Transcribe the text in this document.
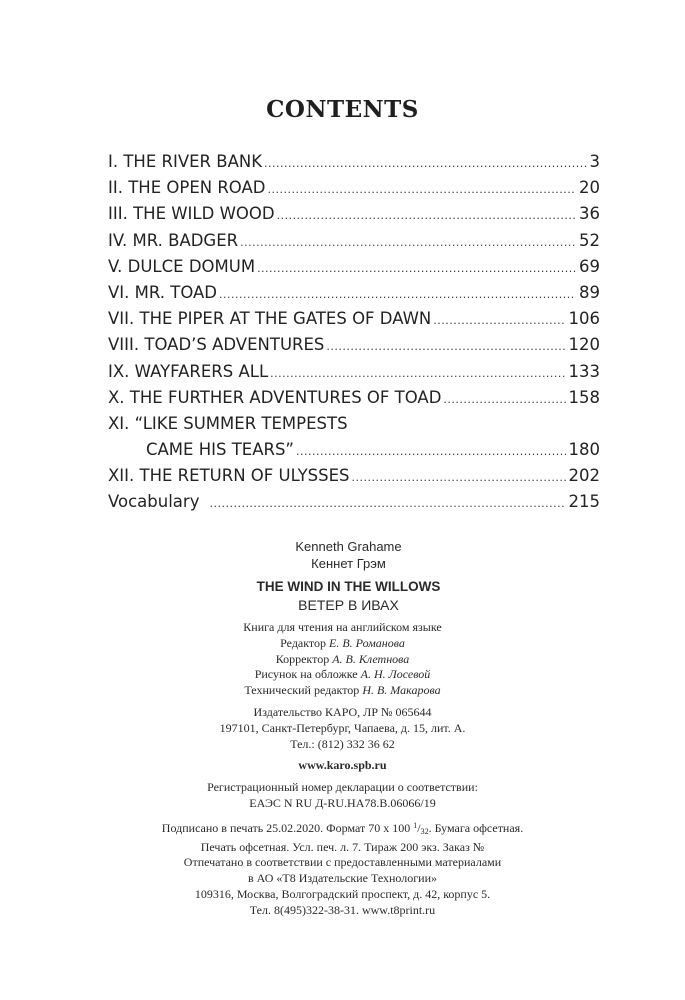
CONTENTS
I. THE RIVER BANK .....	3
II. THE OPEN ROAD .....	20
III. THE WILD WOOD .....	36
IV. MR. BADGER .....	52
V. DULCE DOMUM .....	69
VI. MR. TOAD .....	89
VII. THE PIPER AT THE GATES OF DAWN .....	106
VIII. TOAD’S ADVENTURES .....	120
IX. WAYFARERS ALL .....	133
X. THE FURTHER ADVENTURES OF TOAD .....	158
XI. “LIKE SUMMER TEMPESTS
CAME HIS TEARS” .....	180
XII. THE RETURN OF ULYSSES .....	202
Vocabulary .....	215
Kenneth Grahame
Кеннет Грэм
THE WIND IN THE WILLOWS
ВЕТЕР В ИВАХ
Книга для чтения на английском языке
Редактор Е. В. Романова
Корректор А. В. Клетнова
Рисунок на обложке А. Н. Лосевой
Технический редактор Н. В. Макарова
Издательство КАРО, ЛР № 065644
197101, Санкт-Петербург, Чапаева, д. 15, лит. А.
Тел.: (812) 332 36 62
www.karo.spb.ru
Регистрационный номер декларации о соответствии:
ЕАЭС N RU Д-RU.НА78.В.06066/19
Подписано в печать 25.02.2020. Формат 70 x 100 $^1/_{32}$. Бумага офсетная.
Печать офсетная. Усл. печ. л. 7. Тираж 200 экз. Заказ №
Отпечатано в соответствии с предоставленными материалами
в АО «Т8 Издательские Технологии»
109316, Москва, Волгоградский проспект, д. 42, корпус 5.
Тел. 8(495)322-38-31. www.t8print.ru
